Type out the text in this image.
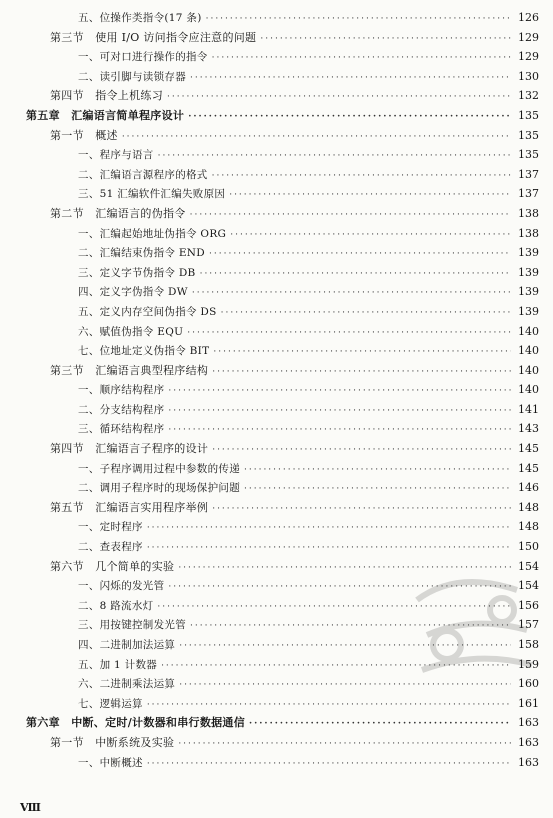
五、位操作类指令(17 条) ·····	126
第三节　使用 I/O 访问指令应注意的问题 ·····	129
一、可对口进行操作的指令 ·····	129
二、读引脚与读锁存器 ·····	130
第四节　指令上机练习 ·····	132
第五章　汇编语言简单程序设计 ·····	135
第一节　概述 ·····	135
一、程序与语言 ·····	135
二、汇编语言源程序的格式 ·····	137
三、51 汇编软件汇编失败原因 ·····	137
第二节　汇编语言的伪指令 ·····	138
一、汇编起始地址伪指令 ORG ·····	138
二、汇编结束伪指令 END ·····	139
三、定义字节伪指令 DB ·····	139
四、定义字伪指令 DW ·····	139
五、定义内存空间伪指令 DS ·····	139
六、赋值伪指令 EQU ·····	140
七、位地址定义伪指令 BIT ·····	140
第三节　汇编语言典型程序结构 ·····	140
一、顺序结构程序 ·····	140
二、分支结构程序 ·····	141
三、循环结构程序 ·····	143
第四节　汇编语言子程序的设计 ·····	145
一、子程序调用过程中参数的传递 ·····	145
二、调用子程序时的现场保护问题 ·····	146
第五节　汇编语言实用程序举例 ·····	148
一、定时程序 ·····	148
二、查表程序 ·····	150
第六节　几个简单的实验 ·····	154
一、闪烁的发光管 ·····	154
二、8 路流水灯 ·····	156
三、用按键控制发光管 ·····	157
四、二进制加法运算 ·····	158
五、加 1 计数器 ·····	159
六、二进制乘法运算 ·····	160
七、逻辑运算 ·····	161
第六章　中断、定时/计数器和串行数据通信 ·····	163
第一节　中断系统及实验 ·····	163
一、中断概述 ·····	163
Ⅷ
